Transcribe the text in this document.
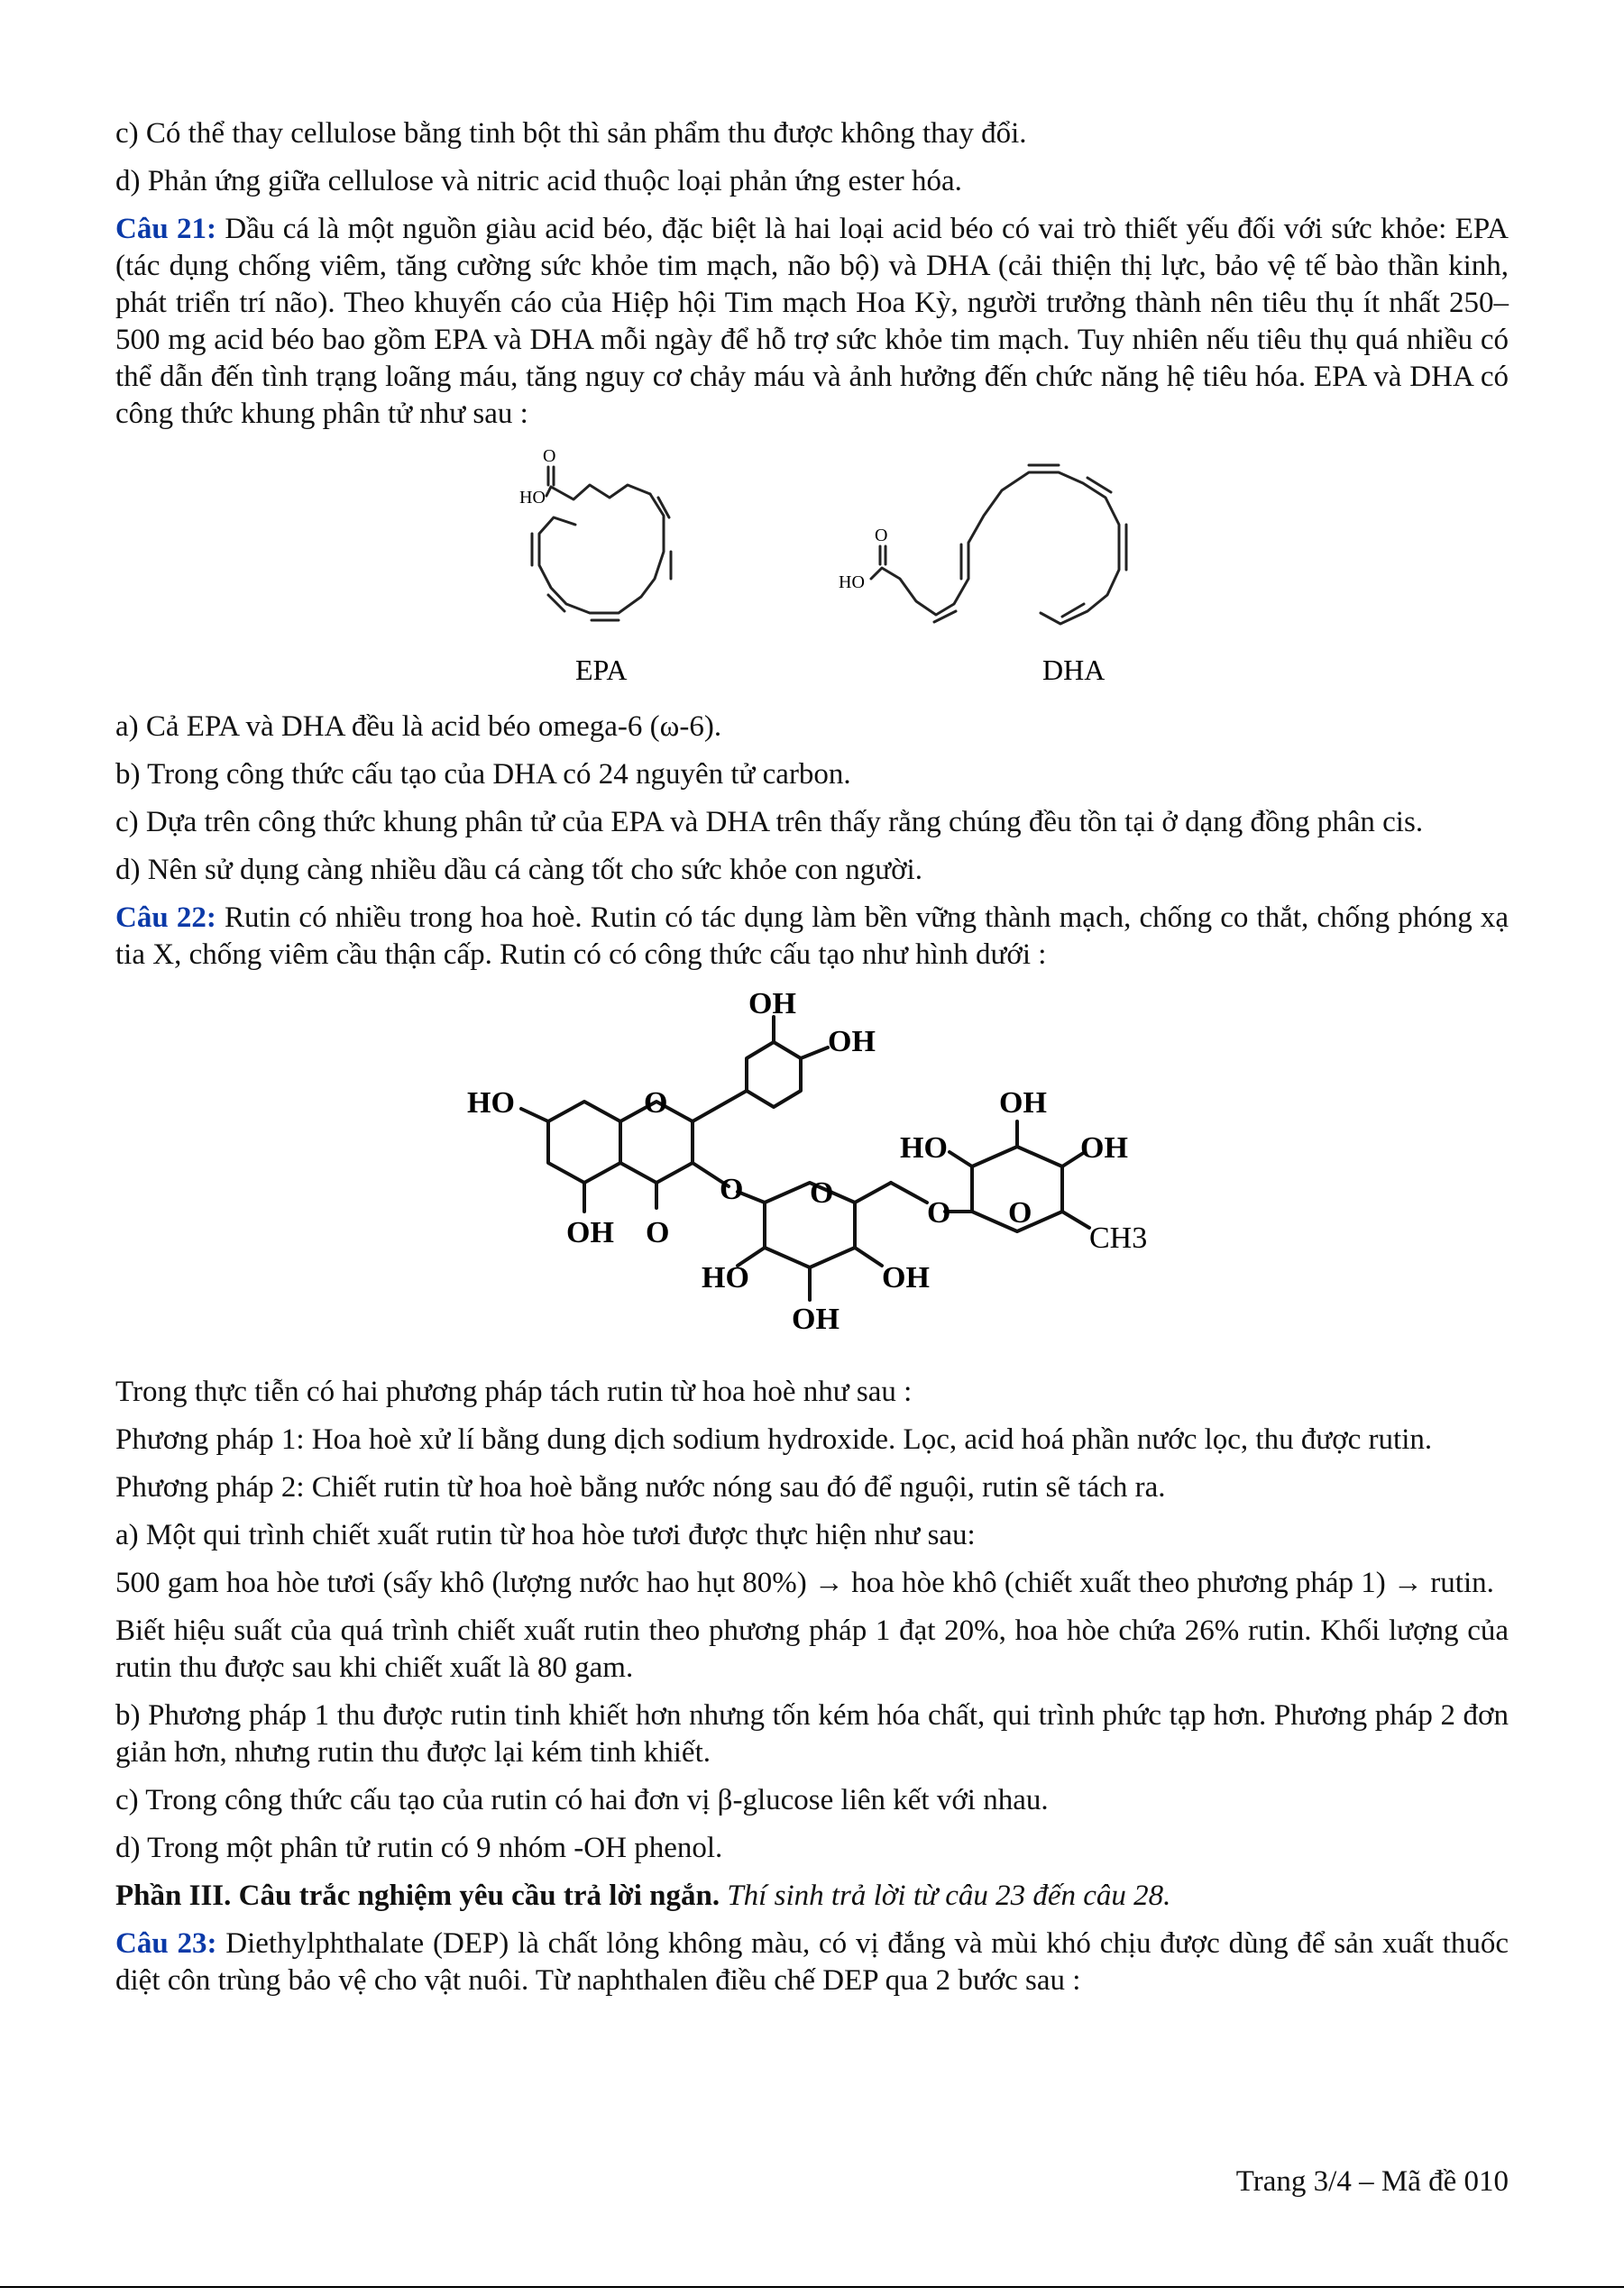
c) Có thể thay cellulose bằng tinh bột thì sản phẩm thu được không thay đổi.

d) Phản ứng giữa cellulose và nitric acid thuộc loại phản ứng ester hóa.

Câu 21: Dầu cá là một nguồn giàu acid béo, đặc biệt là hai loại acid béo có vai trò thiết yếu đối với sức khỏe: EPA (tác dụng chống viêm, tăng cường sức khỏe tim mạch, não bộ) và DHA (cải thiện thị lực, bảo vệ tế bào thần kinh, phát triển trí não). Theo khuyến cáo của Hiệp hội Tim mạch Hoa Kỳ, người trưởng thành nên tiêu thụ ít nhất 250–500 mg acid béo bao gồm EPA và DHA mỗi ngày để hỗ trợ sức khỏe tim mạch. Tuy nhiên nếu tiêu thụ quá nhiều có thể dẫn đến tình trạng loãng máu, tăng nguy cơ chảy máu và ảnh hưởng đến chức năng hệ tiêu hóa. EPA và DHA có công thức khung phân tử như sau :

HO
O
EPA
HO
O
DHA

a) Cả EPA và DHA đều là acid béo omega-6 (ω-6).

b) Trong công thức cấu tạo của DHA có 24 nguyên tử carbon.

c) Dựa trên công thức khung phân tử của EPA và DHA trên thấy rằng chúng đều tồn tại ở dạng đồng phân cis.

d) Nên sử dụng càng nhiều dầu cá càng tốt cho sức khỏe con người.

Câu 22: Rutin có nhiều trong hoa hoè. Rutin có tác dụng làm bền vững thành mạch, chống co thắt, chống phóng xạ tia X, chống viêm cầu thận cấp. Rutin có có công thức cấu tạo như hình dưới :

OH
OH
HO	O
OH O
O O
HO	OH
OH
O O
HO
OH
OH
CH3

Trong thực tiễn có hai phương pháp tách rutin từ hoa hoè như sau :

Phương pháp 1: Hoa hoè xử lí bằng dung dịch sodium hydroxide. Lọc, acid hoá phần nước lọc, thu được rutin.

Phương pháp 2: Chiết rutin từ hoa hoè bằng nước nóng sau đó để nguội, rutin sẽ tách ra.

a) Một qui trình chiết xuất rutin từ hoa hòe tươi được thực hiện như sau:

500 gam hoa hòe tươi (sấy khô (lượng nước hao hụt 80%) → hoa hòe khô (chiết xuất theo phương pháp 1) → rutin.

Biết hiệu suất của quá trình chiết xuất rutin theo phương pháp 1 đạt 20%, hoa hòe chứa 26% rutin. Khối lượng của rutin thu được sau khi chiết xuất là 80 gam.

b) Phương pháp 1 thu được rutin tinh khiết hơn nhưng tốn kém hóa chất, qui trình phức tạp hơn. Phương pháp 2 đơn giản hơn, nhưng rutin thu được lại kém tinh khiết.

c) Trong công thức cấu tạo của rutin có hai đơn vị β-glucose liên kết với nhau.

d) Trong một phân tử rutin có 9 nhóm -OH phenol.

Phần III. Câu trắc nghiệm yêu cầu trả lời ngắn. Thí sinh trả lời từ câu 23 đến câu 28.

Câu 23: Diethylphthalate (DEP) là chất lỏng không màu, có vị đắng và mùi khó chịu được dùng để sản xuất thuốc diệt côn trùng bảo vệ cho vật nuôi. Từ naphthalen điều chế DEP qua 2 bước sau :

Trang 3/4 – Mã đề 010
